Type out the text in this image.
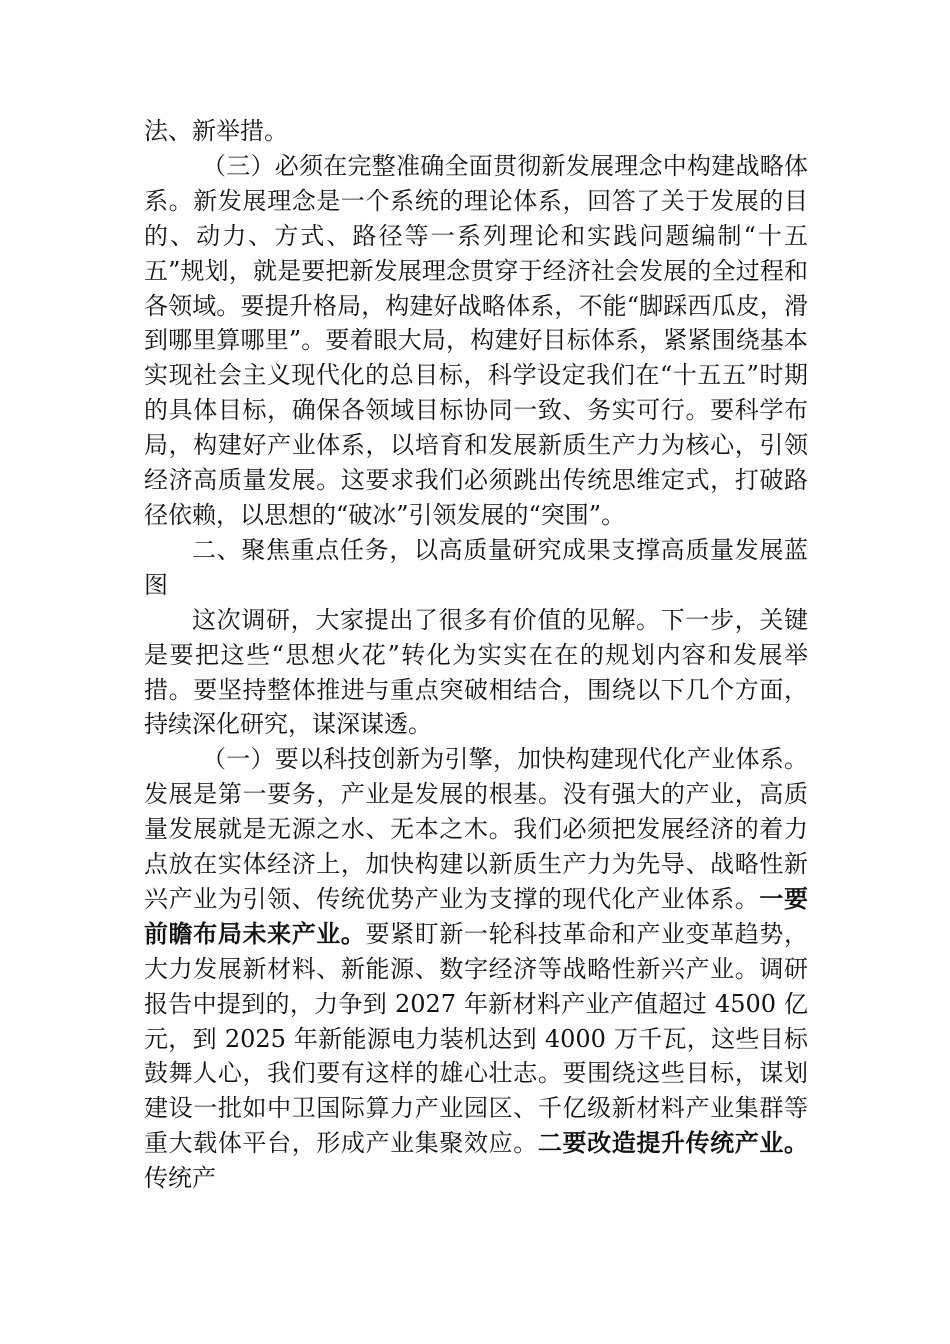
法、新举措。

（三）必须在完整准确全面贯彻新发展理念中构建战略体系。新发展理念是一个系统的理论体系，回答了关于发展的目的、动力、方式、路径等一系列理论和实践问题编制“十五五”规划，就是要把新发展理念贯穿于经济社会发展的全过程和各领域。要提升格局，构建好战略体系，不能“脚踩西瓜皮，滑到哪里算哪里”。要着眼大局，构建好目标体系，紧紧围绕基本实现社会主义现代化的总目标，科学设定我们在“十五五”时期的具体目标，确保各领域目标协同一致、务实可行。要科学布局，构建好产业体系，以培育和发展新质生产力为核心，引领经济高质量发展。这要求我们必须跳出传统思维定式，打破路径依赖，以思想的“破冰”引领发展的“突围”。

二、聚焦重点任务，以高质量研究成果支撑高质量发展蓝图

这次调研，大家提出了很多有价值的见解。下一步，关键是要把这些“思想火花”转化为实实在在的规划内容和发展举措。要坚持整体推进与重点突破相结合，围绕以下几个方面，持续深化研究，谋深谋透。

（一）要以科技创新为引擎，加快构建现代化产业体系。发展是第一要务，产业是发展的根基。没有强大的产业，高质量发展就是无源之水、无本之木。我们必须把发展经济的着力点放在实体经济上，加快构建以新质生产力为先导、战略性新兴产业为引领、传统优势产业为支撑的现代化产业体系。一要前瞻布局未来产业。要紧盯新一轮科技革命和产业变革趋势，大力发展新材料、新能源、数字经济等战略性新兴产业。调研报告中提到的，力争到 2027 年新材料产业产值超过 4500 亿元，到 2025 年新能源电力装机达到 4000 万千瓦，这些目标鼓舞人心，我们要有这样的雄心壮志。要围绕这些目标，谋划建设一批如中卫国际算力产业园区、千亿级新材料产业集群等重大载体平台，形成产业集聚效应。二要改造提升传统产业。传统产
